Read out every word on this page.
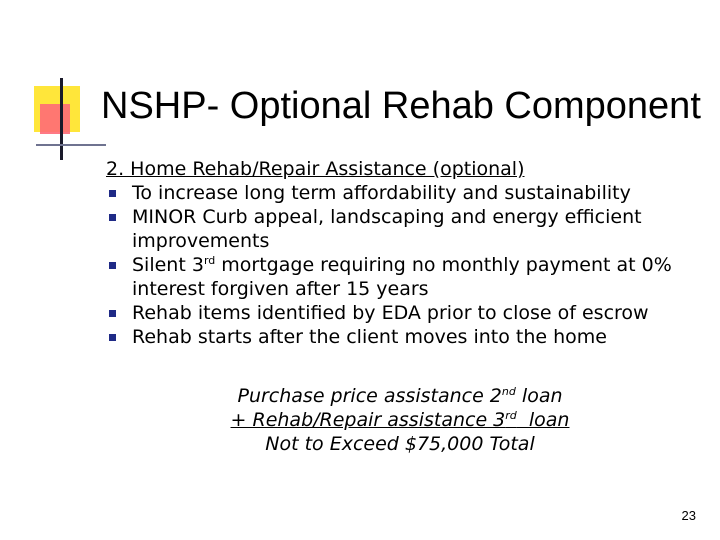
NSHP- Optional Rehab Component
2. Home Rehab/Repair Assistance (optional)
To increase long term affordability and sustainability
MINOR Curb appeal, landscaping and energy efficient improvements
Silent 3rd mortgage requiring no monthly payment at 0% interest forgiven after 15 years
Rehab items identified by EDA prior to close of escrow
Rehab starts after the client moves into the home
Purchase price assistance 2nd loan
+ Rehab/Repair assistance 3rd  loan
Not to Exceed $75,000 Total
23
